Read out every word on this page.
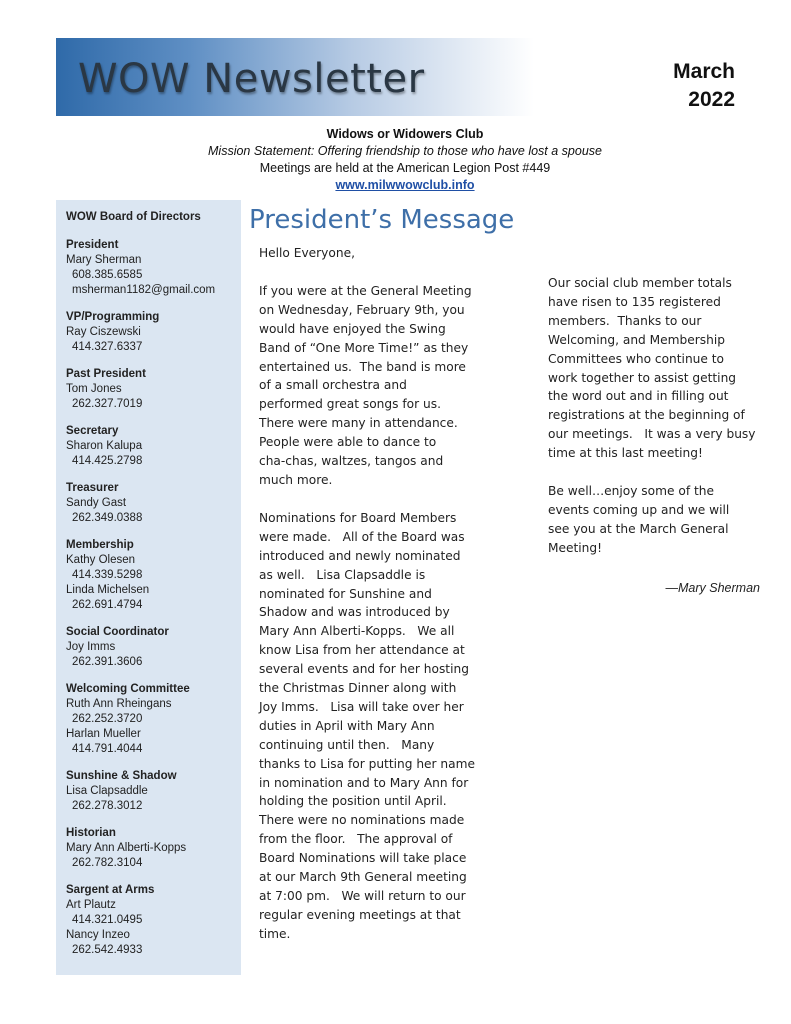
WOW Newsletter	March
2022
Widows or Widowers Club
Mission Statement: Offering friendship to those who have lost a spouse
Meetings are held at the American Legion Post #449
www.milwwowclub.info
WOW Board of Directors
President
Mary Sherman
608.385.6585
msherman1182@gmail.com
VP/Programming
Ray Ciszewski
414.327.6337
Past President
Tom Jones
262.327.7019
Secretary
Sharon Kalupa
414.425.2798
Treasurer
Sandy Gast
262.349.0388
Membership
Kathy Olesen
414.339.5298
Linda Michelsen
262.691.4794
Social Coordinator
Joy Imms
262.391.3606
Welcoming Committee
Ruth Ann Rheingans
262.252.3720
Harlan Mueller
414.791.4044
Sunshine & Shadow
Lisa Clapsaddle
262.278.3012
Historian
Mary Ann Alberti-Kopps
262.782.3104
Sargent at Arms
Art Plautz
414.321.0495
Nancy Inzeo
262.542.4933
President’s Message

Hello Everyone,

If you were at the General Meeting
on Wednesday, February 9th, you
would have enjoyed the Swing
Band of “One More Time!” as they
entertained us.  The band is more
of a small orchestra and
performed great songs for us.
There were many in attendance.
People were able to dance to
cha-chas, waltzes, tangos and
much more.

Nominations for Board Members
were made.   All of the Board was
introduced and newly nominated
as well.   Lisa Clapsaddle is
nominated for Sunshine and
Shadow and was introduced by
Mary Ann Alberti-Kopps.   We all
know Lisa from her attendance at
several events and for her hosting
the Christmas Dinner along with
Joy Imms.   Lisa will take over her
duties in April with Mary Ann
continuing until then.   Many
thanks to Lisa for putting her name
in nomination and to Mary Ann for
holding the position until April.
There were no nominations made
from the floor.   The approval of
Board Nominations will take place
at our March 9th General meeting
at 7:00 pm.   We will return to our
regular evening meetings at that
time.

Our social club member totals
have risen to 135 registered
members.  Thanks to our
Welcoming, and Membership
Committees who continue to
work together to assist getting
the word out and in filling out
registrations at the beginning of
our meetings.   It was a very busy
time at this last meeting!

Be well…enjoy some of the
events coming up and we will
see you at the March General
Meeting!

—Mary Sherman
